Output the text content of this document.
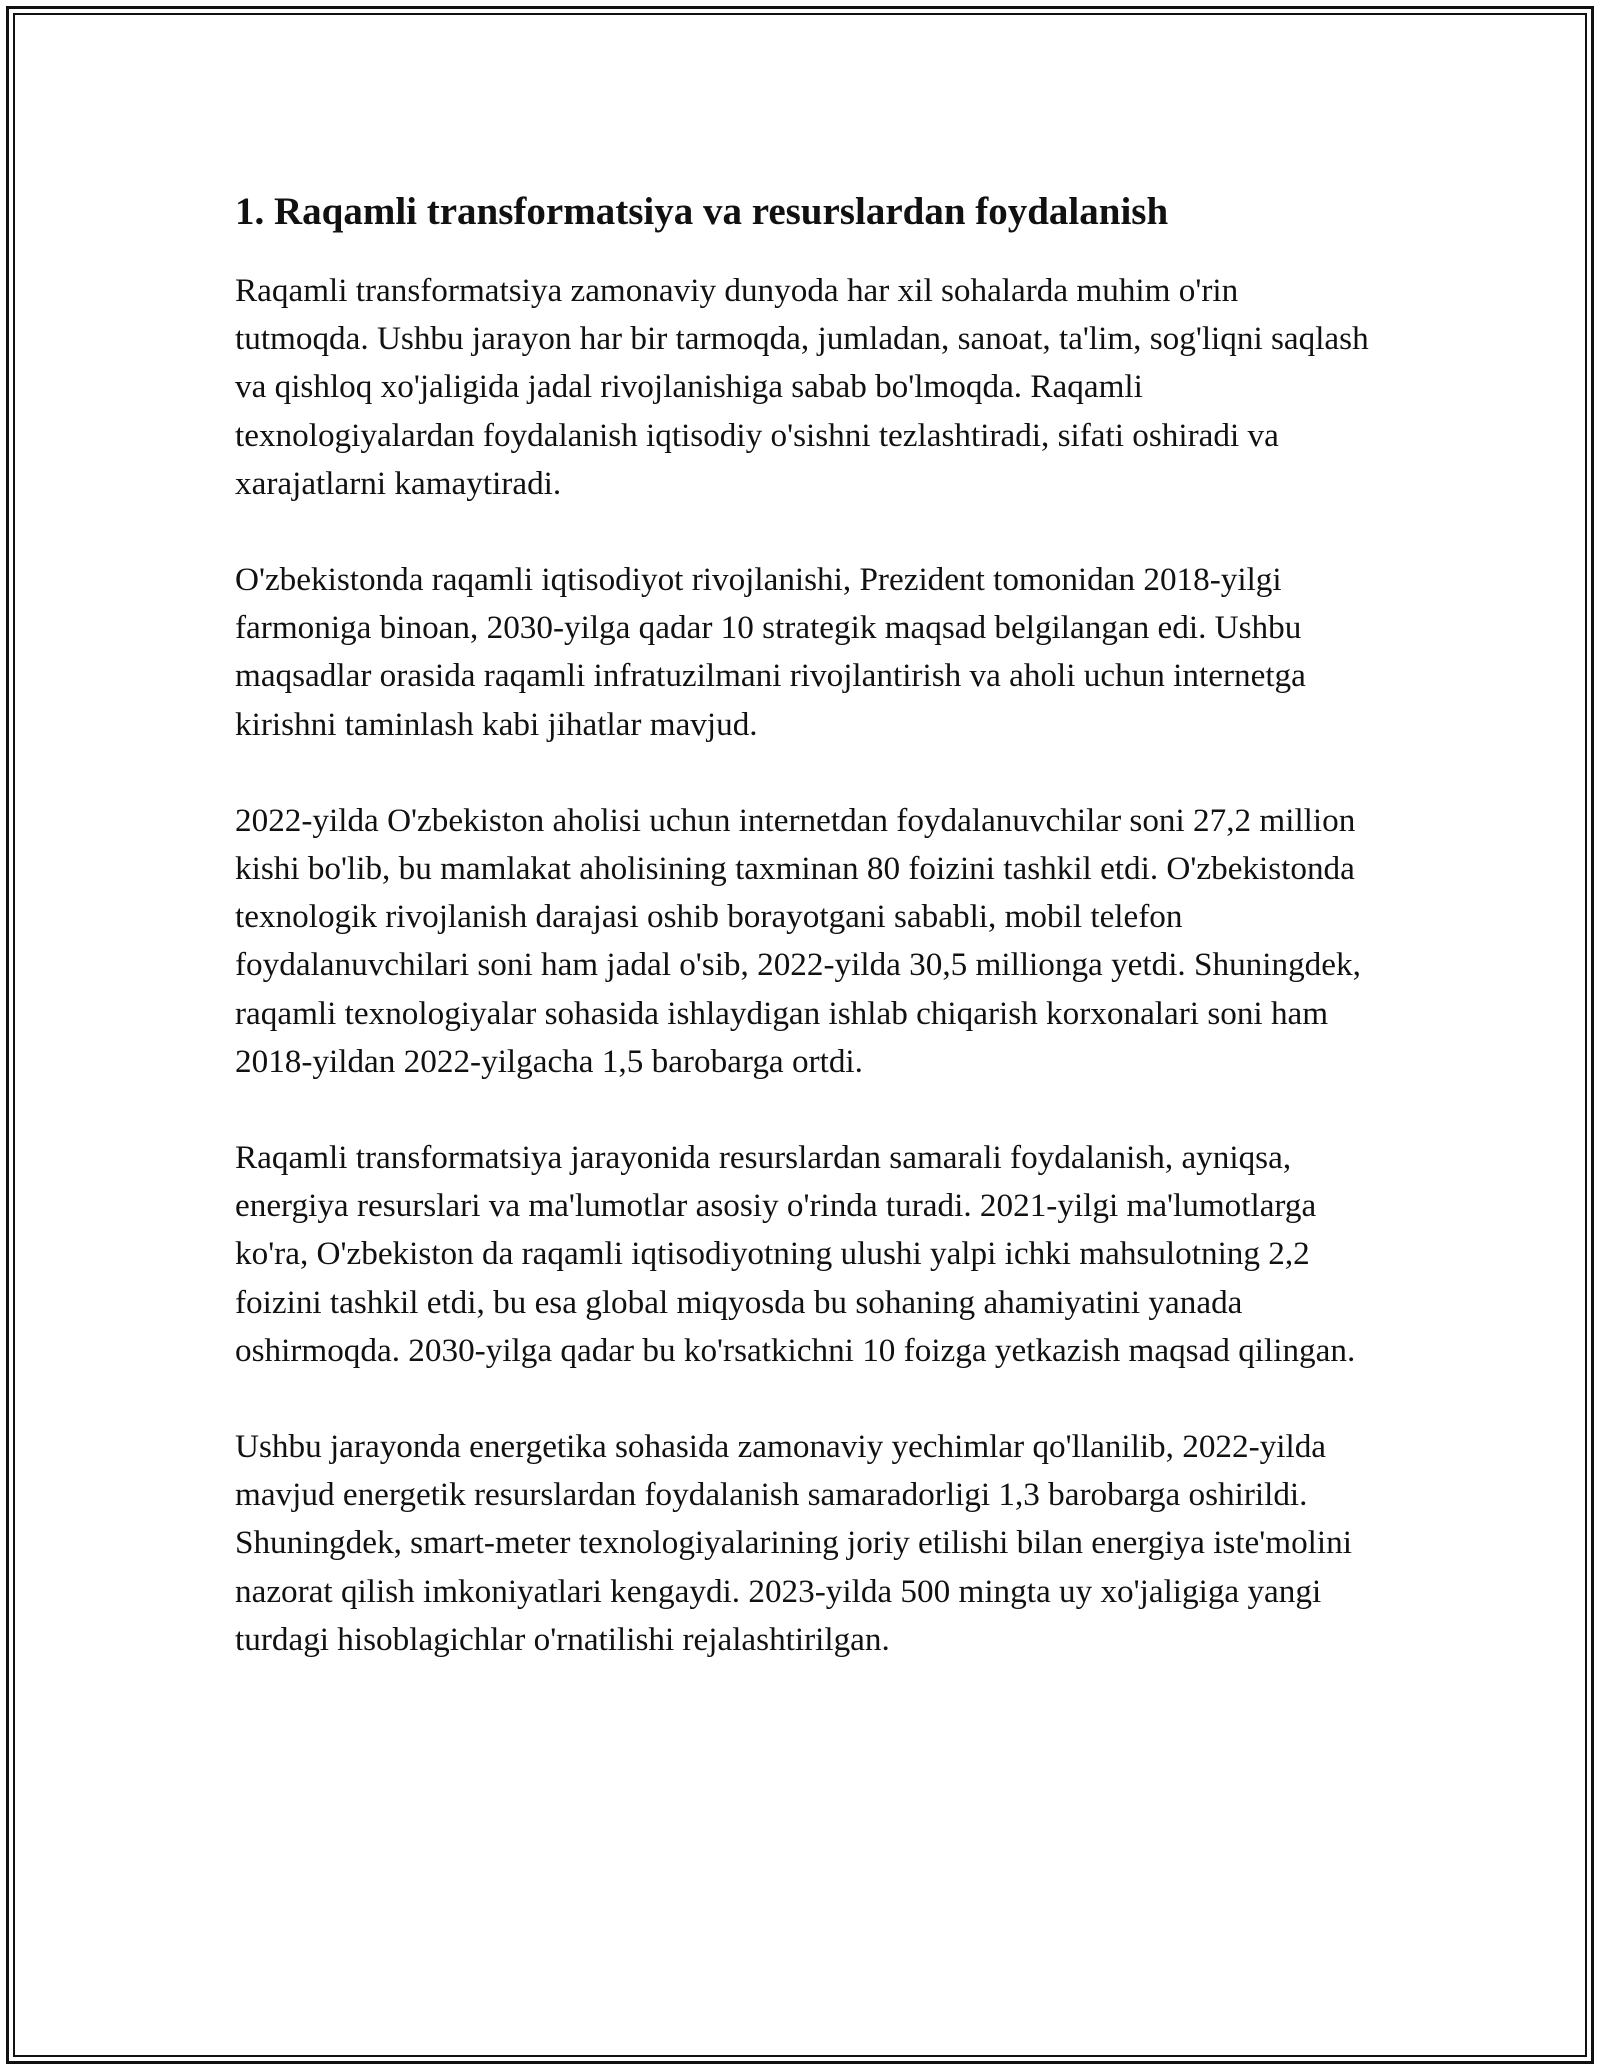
1. Raqamli transformatsiya va resurslardan foydalanish

Raqamli transformatsiya zamonaviy dunyoda har xil sohalarda muhim o'rin tutmoqda. Ushbu jarayon har bir tarmoqda, jumladan, sanoat, ta'lim, sog'liqni saqlash va qishloq xo'jaligida jadal rivojlanishiga sabab bo'lmoqda. Raqamli texnologiyalardan foydalanish iqtisodiy o'sishni tezlashtiradi, sifati oshiradi va xarajatlarni kamaytiradi.

O'zbekistonda raqamli iqtisodiyot rivojlanishi, Prezident tomonidan 2018-yilgi farmoniga binoan, 2030-yilga qadar 10 strategik maqsad belgilangan edi. Ushbu maqsadlar orasida raqamli infratuzilmani rivojlantirish va aholi uchun internetga kirishni taminlash kabi jihatlar mavjud.

2022-yilda O'zbekiston aholisi uchun internetdan foydalanuvchilar soni 27,2 million kishi bo'lib, bu mamlakat aholisining taxminan 80 foizini tashkil etdi. O'zbekistonda texnologik rivojlanish darajasi oshib borayotgani sababli, mobil telefon foydalanuvchilari soni ham jadal o'sib, 2022-yilda 30,5 millionga yetdi. Shuningdek, raqamli texnologiyalar sohasida ishlaydigan ishlab chiqarish korxonalari soni ham 2018-yildan 2022-yilgacha 1,5 barobarga ortdi.

Raqamli transformatsiya jarayonida resurslardan samarali foydalanish, ayniqsa, energiya resurslari va ma'lumotlar asosiy o'rinda turadi. 2021-yilgi ma'lumotlarga ko'ra, O'zbekiston da raqamli iqtisodiyotning ulushi yalpi ichki mahsulotning 2,2 foizini tashkil etdi, bu esa global miqyosda bu sohaning ahamiyatini yanada oshirmoqda. 2030-yilga qadar bu ko'rsatkichni 10 foizga yetkazish maqsad qilingan.

Ushbu jarayonda energetika sohasida zamonaviy yechimlar qo'llanilib, 2022-yilda mavjud energetik resurslardan foydalanish samaradorligi 1,3 barobarga oshirildi. Shuningdek, smart-meter texnologiyalarining joriy etilishi bilan energiya iste'molini nazorat qilish imkoniyatlari kengaydi. 2023-yilda 500 mingta uy xo'jaligiga yangi turdagi hisoblagichlar o'rnatilishi rejalashtirilgan.
